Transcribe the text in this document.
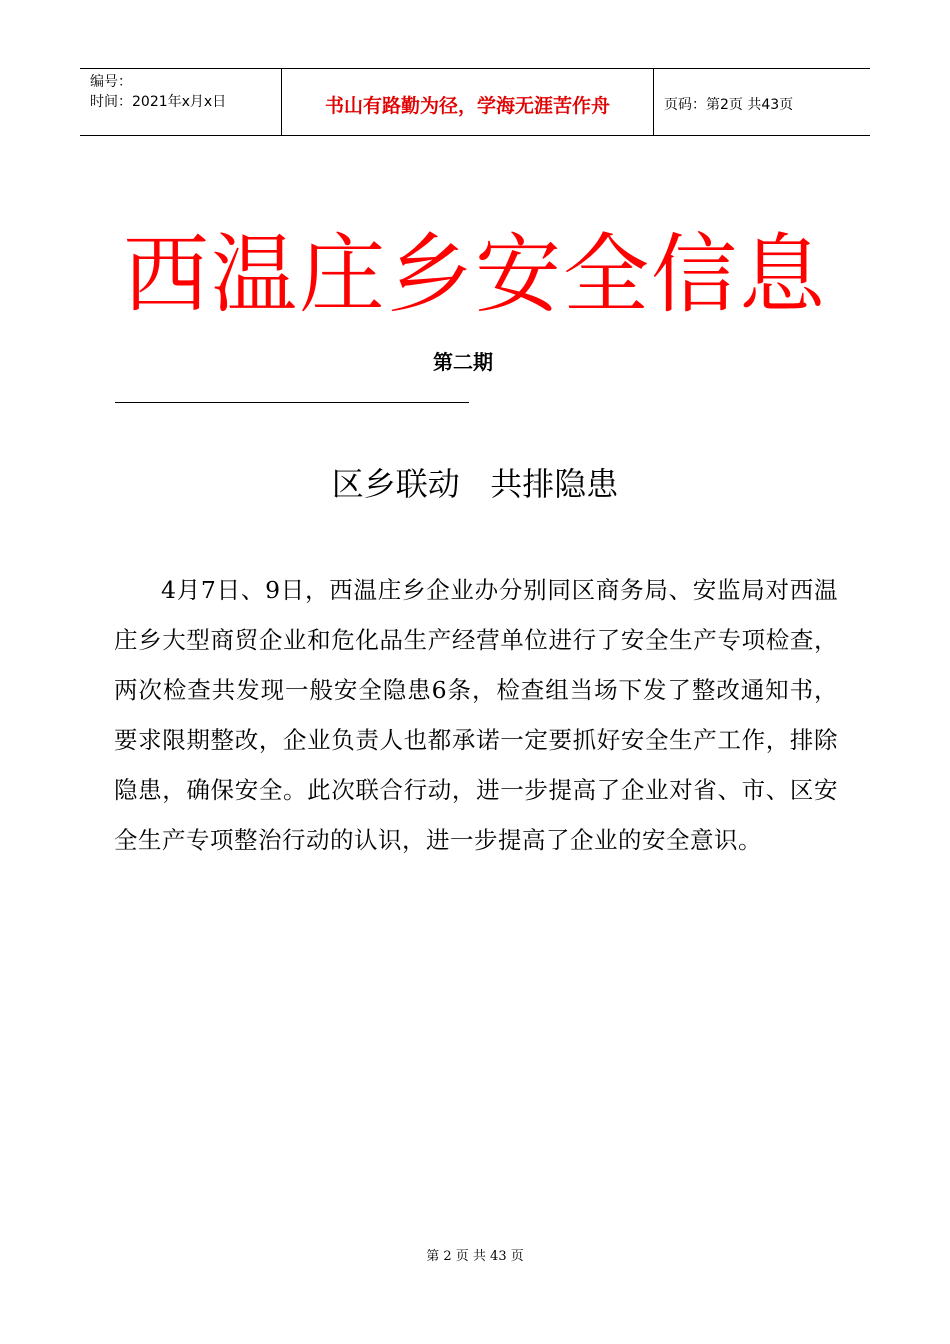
编号：
时间：2021年x月x日	书山有路勤为径，学海无涯苦作舟	页码：第2页 共43页
西温庄乡安全信息
第二期
区乡联动   共排隐患

4月7日、9日，西温庄乡企业办分别同区商务局、安监局对西温庄乡大型商贸企业和危化品生产经营单位进行了安全生产专项检查，两次检查共发现一般安全隐患6条，检查组当场下发了整改通知书，要求限期整改，企业负责人也都承诺一定要抓好安全生产工作，排除隐患，确保安全。此次联合行动，进一步提高了企业对省、市、区安全生产专项整治行动的认识，进一步提高了企业的安全意识。

第 2 页 共 43 页
